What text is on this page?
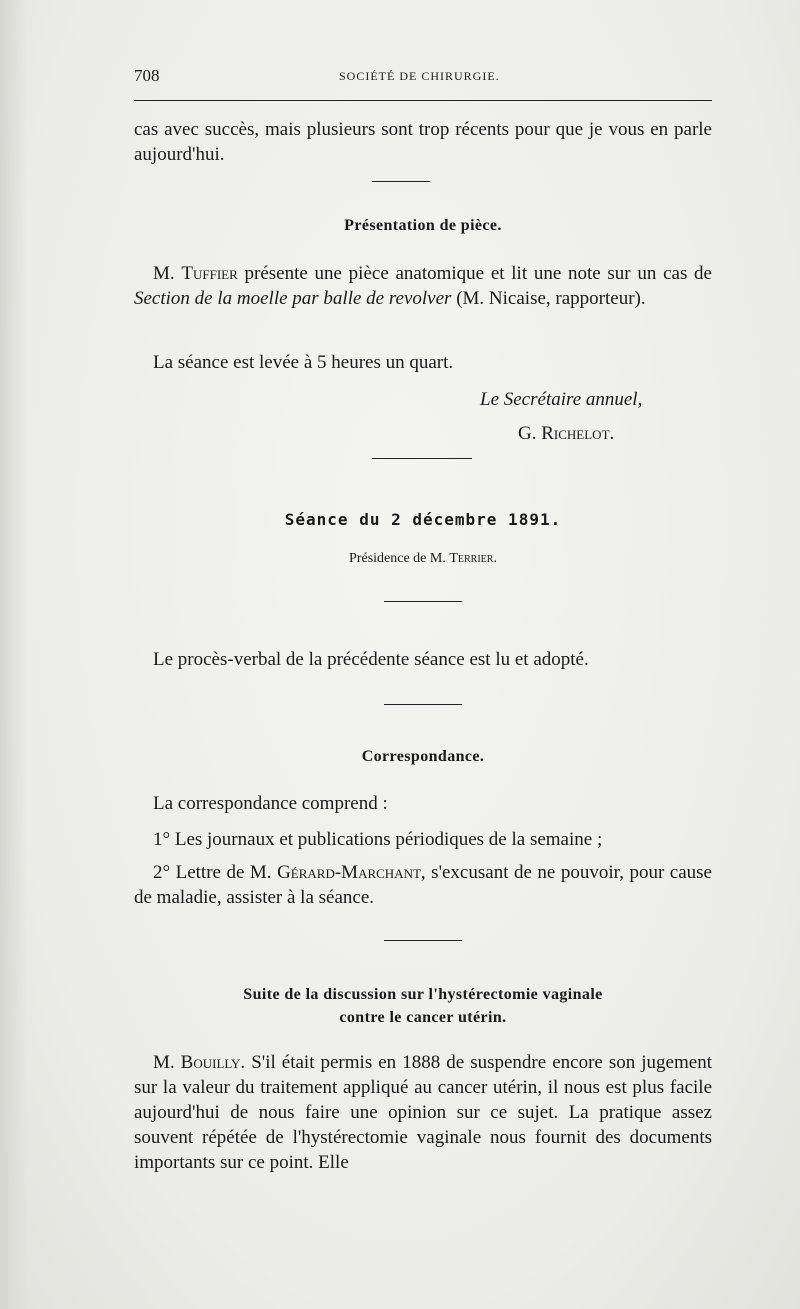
708	SOCIÉTÉ DE CHIRURGIE.

cas avec succès, mais plusieurs sont trop récents pour que je vous en parle aujourd'hui.

Présentation de pièce.

M. Tuffier présente une pièce anatomique et lit une note sur un cas de Section de la moelle par balle de revolver (M. Nicaise, rapporteur).

La séance est levée à 5 heures un quart.

Le Secrétaire annuel,
G. Richelot.
Séance du 2 décembre 1891.
Présidence de M. Terrier.

Le procès-verbal de la précédente séance est lu et adopté.

Correspondance.

La correspondance comprend :

1° Les journaux et publications périodiques de la semaine ;

2° Lettre de M. Gérard-Marchant, s'excusant de ne pouvoir, pour cause de maladie, assister à la séance.

Suite de la discussion sur l'hystérectomie vaginale

contre le cancer utérin.

M. Bouilly. S'il était permis en 1888 de suspendre encore son jugement sur la valeur du traitement appliqué au cancer utérin, il nous est plus facile aujourd'hui de nous faire une opinion sur ce sujet. La pratique assez souvent répétée de l'hystérectomie vaginale nous fournit des documents importants sur ce point. Elle
